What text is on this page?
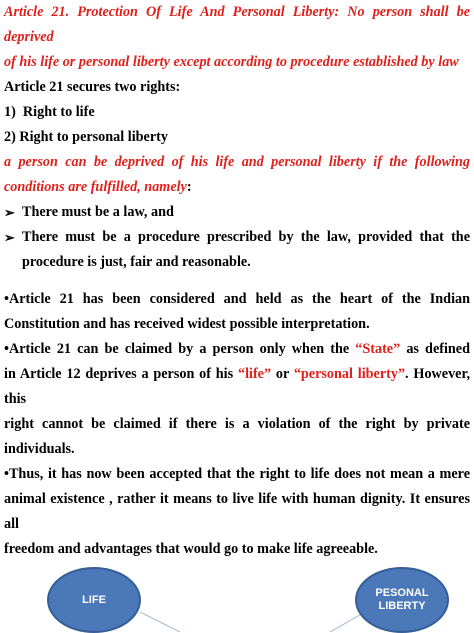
Article 21. Protection Of Life And Personal Liberty: No person shall be deprived

of his life or personal liberty except according to procedure established by law

Article 21 secures two rights:

1)  Right to life

2) Right to personal liberty

a person can be deprived of his life and personal liberty if the following

conditions are fulfilled, namely:

➢ There must be a law, and
➢ There must be a procedure prescribed by the law, provided that the
procedure is just, fair and reasonable.

•Article 21 has been considered and held as the heart of the Indian

Constitution and has received widest possible interpretation.

•Article 21 can be claimed by a person only when the “State” as defined

in Article 12 deprives a person of his “life” or “personal liberty”. However, this

right cannot be claimed if there is a violation of the right by private

individuals.

•Thus, it has now been accepted that the right to life does not mean a mere

animal existence , rather it means to live life with human dignity. It ensures all

freedom and advantages that would go to make life agreeable.

LIFE
PESONAL
LIBERTY
